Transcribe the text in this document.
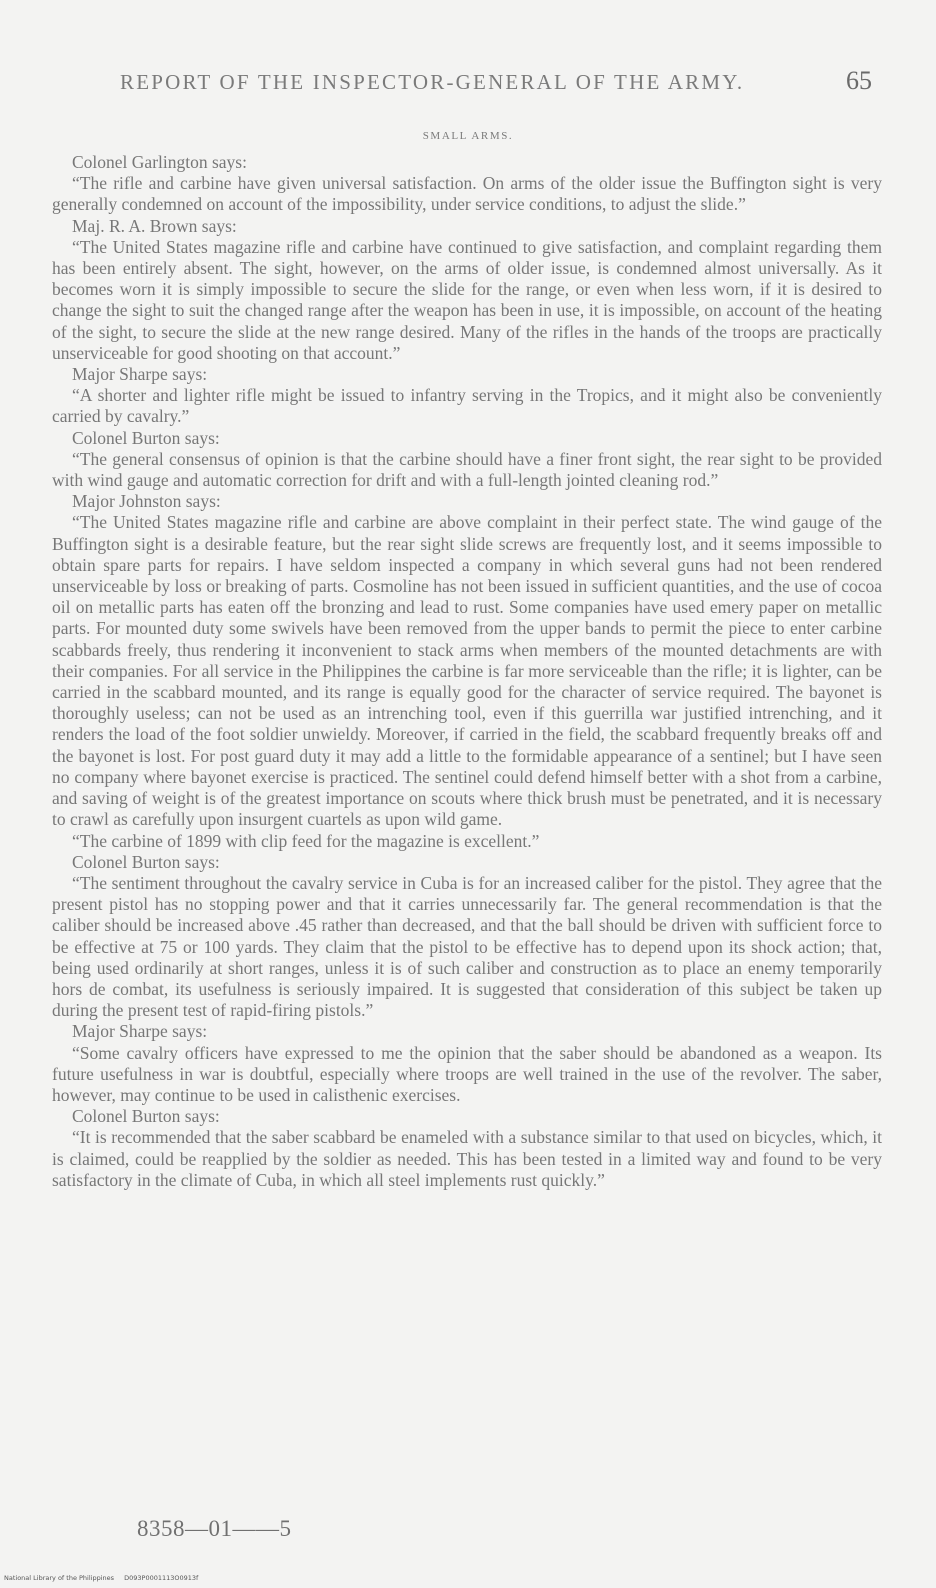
REPORT OF THE INSPECTOR-GENERAL OF THE ARMY.	65
SMALL ARMS.

Colonel Garlington says:

“The rifle and carbine have given universal satisfaction. On arms of the older issue the Buffington sight is very generally condemned on account of the impossibility, under service conditions, to adjust the slide.”

Maj. R. A. Brown says:

“The United States magazine rifle and carbine have continued to give satisfaction, and complaint regarding them has been entirely absent. The sight, however, on the arms of older issue, is condemned almost universally. As it becomes worn it is simply impossible to secure the slide for the range, or even when less worn, if it is desired to change the sight to suit the changed range after the weapon has been in use, it is impossible, on account of the heating of the sight, to secure the slide at the new range desired. Many of the rifles in the hands of the troops are practically unserviceable for good shooting on that account.”

Major Sharpe says:

“A shorter and lighter rifle might be issued to infantry serving in the Tropics, and it might also be conveniently carried by cavalry.”

Colonel Burton says:

“The general consensus of opinion is that the carbine should have a finer front sight, the rear sight to be provided with wind gauge and automatic correction for drift and with a full-length jointed cleaning rod.”

Major Johnston says:

“The United States magazine rifle and carbine are above complaint in their perfect state. The wind gauge of the Buffington sight is a desirable feature, but the rear sight slide screws are frequently lost, and it seems impossible to obtain spare parts for repairs. I have seldom inspected a company in which several guns had not been rendered unserviceable by loss or breaking of parts. Cosmoline has not been issued in sufficient quantities, and the use of cocoa oil on metallic parts has eaten off the bronzing and lead to rust. Some companies have used emery paper on metallic parts. For mounted duty some swivels have been removed from the upper bands to permit the piece to enter carbine scabbards freely, thus rendering it inconvenient to stack arms when members of the mounted detachments are with their companies. For all service in the Philippines the carbine is far more serviceable than the rifle; it is lighter, can be carried in the scabbard mounted, and its range is equally good for the character of service required. The bayonet is thoroughly useless; can not be used as an intrenching tool, even if this guerrilla war justified intrenching, and it renders the load of the foot soldier unwieldy. Moreover, if carried in the field, the scabbard frequently breaks off and the bayonet is lost. For post guard duty it may add a little to the formidable appearance of a sentinel; but I have seen no company where bayonet exercise is practiced. The sentinel could defend himself better with a shot from a carbine, and saving of weight is of the greatest importance on scouts where thick brush must be penetrated, and it is necessary to crawl as carefully upon insurgent cuartels as upon wild game.

“The carbine of 1899 with clip feed for the magazine is excellent.”

Colonel Burton says:

“The sentiment throughout the cavalry service in Cuba is for an increased caliber for the pistol. They agree that the present pistol has no stopping power and that it carries unnecessarily far. The general recommendation is that the caliber should be increased above .45 rather than decreased, and that the ball should be driven with sufficient force to be effective at 75 or 100 yards. They claim that the pistol to be effective has to depend upon its shock action; that, being used ordinarily at short ranges, unless it is of such caliber and construction as to place an enemy temporarily hors de combat, its usefulness is seriously impaired. It is suggested that consideration of this subject be taken up during the present test of rapid-firing pistols.”

Major Sharpe says:

“Some cavalry officers have expressed to me the opinion that the saber should be abandoned as a weapon. Its future usefulness in war is doubtful, especially where troops are well trained in the use of the revolver. The saber, however, may continue to be used in calisthenic exercises.

Colonel Burton says:

“It is recommended that the saber scabbard be enameled with a substance similar to that used on bicycles, which, it is claimed, could be reapplied by the soldier as needed. This has been tested in a limited way and found to be very satisfactory in the climate of Cuba, in which all steel implements rust quickly.”

8358—01——5
National Library of the Philippines D093P0001113O0913f
